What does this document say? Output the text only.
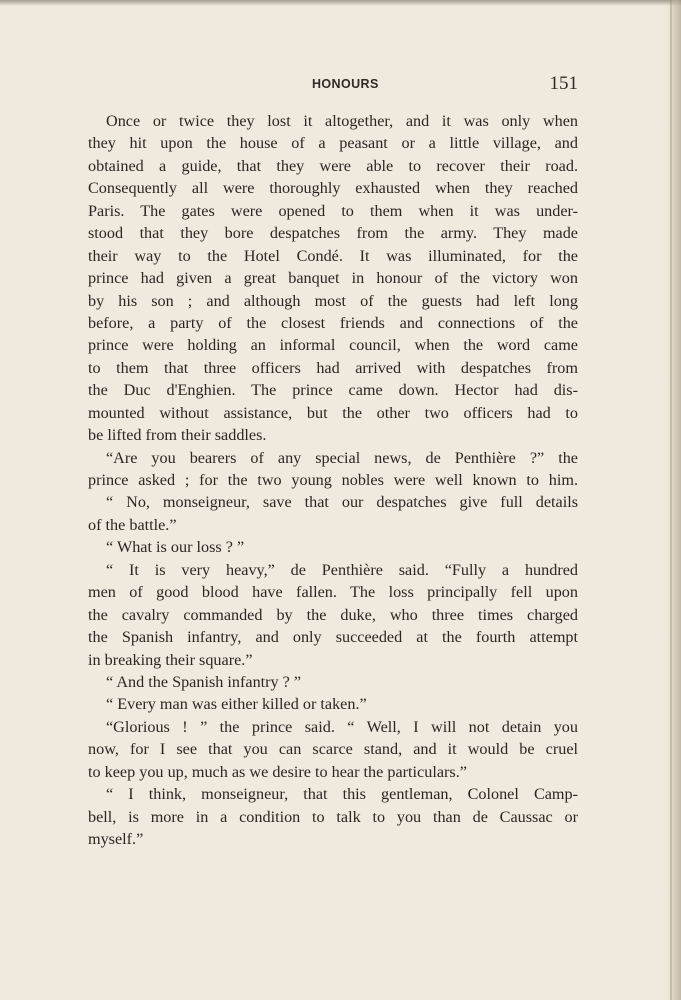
HONOURS	151
Once or twice they lost it altogether, and it was only when
they hit upon the house of a peasant or a little village, and
obtained a guide, that they were able to recover their road.
Consequently all were thoroughly exhausted when they reached
Paris. The gates were opened to them when it was under-
stood that they bore despatches from the army. They made
their way to the Hotel Condé. It was illuminated, for the
prince had given a great banquet in honour of the victory won
by his son ; and although most of the guests had left long
before, a party of the closest friends and connections of the
prince were holding an informal council, when the word came
to them that three officers had arrived with despatches from
the Duc d'Enghien. The prince came down. Hector had dis-
mounted without assistance, but the other two officers had to
be lifted from their saddles.
“Are you bearers of any special news, de Penthière ?” the
prince asked ; for the two young nobles were well known to him.
“ No, monseigneur, save that our despatches give full details
of the battle.”
“ What is our loss ? ”
“ It is very heavy,” de Penthière said. “Fully a hundred
men of good blood have fallen. The loss principally fell upon
the cavalry commanded by the duke, who three times charged
the Spanish infantry, and only succeeded at the fourth attempt
in breaking their square.”
“ And the Spanish infantry ? ”
“ Every man was either killed or taken.”
“Glorious ! ” the prince said. “ Well, I will not detain you
now, for I see that you can scarce stand, and it would be cruel
to keep you up, much as we desire to hear the particulars.”
“ I think, monseigneur, that this gentleman, Colonel Camp-
bell, is more in a condition to talk to you than de Caussac or
myself.”
